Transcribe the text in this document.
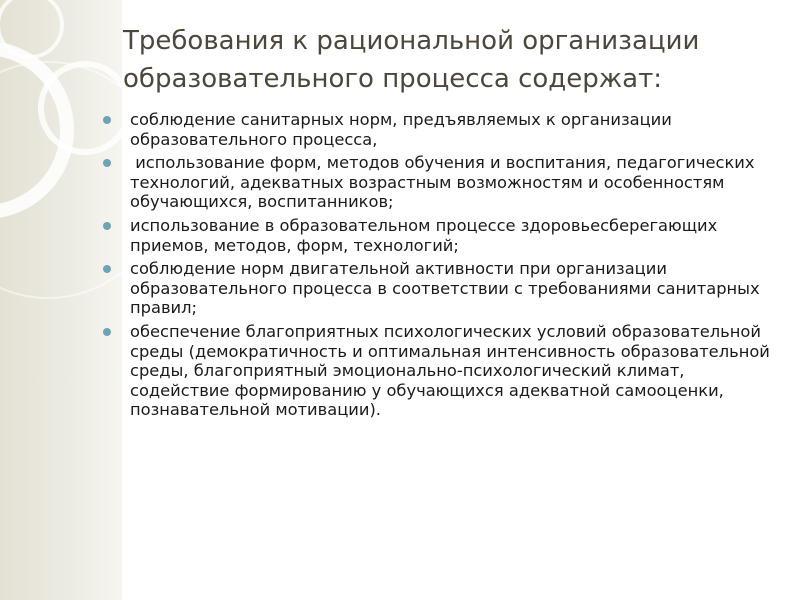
Требования к рациональной организации образовательного процесса содержат:
соблюдение санитарных норм, предъявляемых к организации образовательного процесса,
использование форм, методов обучения и воспитания, педагогических технологий, адекватных возрастным возможностям и особенностям обучающихся, воспитанников;
использование в образовательном процессе здоровьесберегающих приемов, методов, форм, технологий;
соблюдение норм двигательной активности при организации образовательного процесса в соответствии с требованиями санитарных правил;
обеспечение благоприятных психологических условий образовательной среды (демократичность и оптимальная интенсивность образовательной среды, благоприятный эмоционально-психологический климат, содействие формированию у обучающихся адекватной самооценки, познавательной мотивации).
